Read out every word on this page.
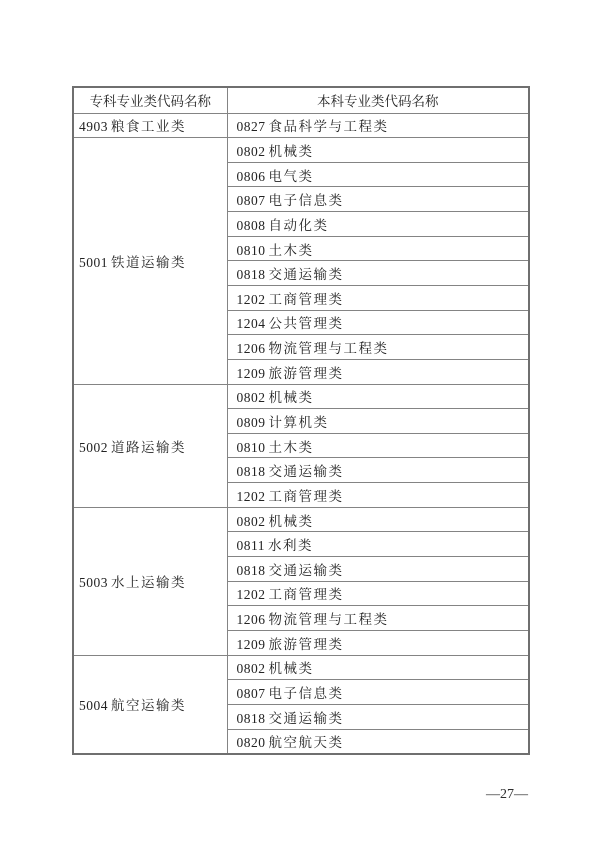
专科专业类代码名称	本科专业类代码名称
4903 粮食工业类	0827 食品科学与工程类
5001 铁道运输类	0802 机械类
	0806 电气类
	0807 电子信息类
	0808 自动化类
	0810 土木类
	0818 交通运输类
	1202 工商管理类
	1204 公共管理类
	1206 物流管理与工程类
	1209 旅游管理类
5002 道路运输类	0802 机械类
	0809 计算机类
	0810 土木类
	0818 交通运输类
	1202 工商管理类
5003 水上运输类	0802 机械类
	0811 水利类
	0818 交通运输类
	1202 工商管理类
	1206 物流管理与工程类
	1209 旅游管理类
5004 航空运输类	0802 机械类
	0807 电子信息类
	0818 交通运输类
	0820 航空航天类
—27—
